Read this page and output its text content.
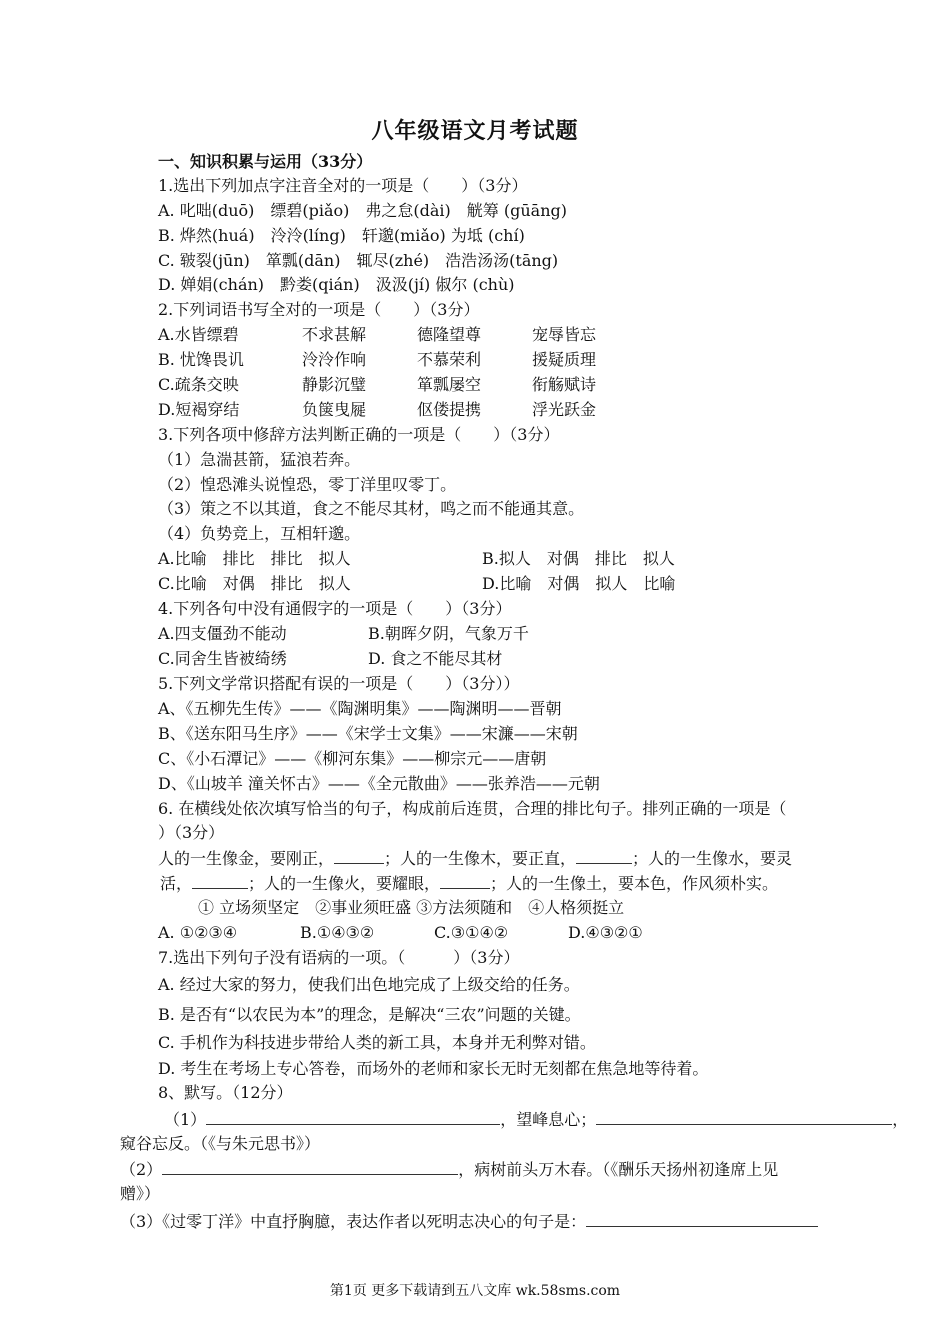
八年级语文月考试题
一、知识积累与运用（33分）
1.选出下列加点字注音全对的一项是（　　）（3分）
A. 叱咄(duō)　缥碧(piǎo)　弗之怠(dài)　觥筹 (gūāng)
B. 烨然(huá)　泠泠(líng)　轩邈(miǎo) 为坻 (chí)
C. 皲裂(jūn)　箪瓢(dān)　辄尽(zhé)　浩浩汤汤(tāng)
D. 婵娟(chán)　黔娄(qián)　汲汲(jí) 俶尔 (chù)
2.下列词语书写全对的一项是（　　）（3分）
A.水皆缥碧	不求甚解	德隆望尊	宠辱皆忘
B. 忧馋畏讥	泠泠作响	不慕荣利	援疑质理
C.疏条交映	静影沉璧	箪瓢屡空	衔觞赋诗
D.短褐穿结	负箧曳屣	伛偻提携	浮光跃金
3.下列各项中修辞方法判断正确的一项是（　　）（3分）
（1）急湍甚箭，猛浪若奔。
（2）惶恐滩头说惶恐，零丁洋里叹零丁。
（3）策之不以其道，食之不能尽其材，鸣之而不能通其意。
（4）负势竞上，互相轩邈。
A.比喻　排比　排比　拟人	B.拟人　对偶　排比　拟人
C.比喻　对偶　排比　拟人	D.比喻　对偶　拟人　比喻
4.下列各句中没有通假字的一项是（　　）（3分）
A.四支僵劲不能动	B.朝晖夕阴，气象万千
C.同舍生皆被绮绣	D. 食之不能尽其材
5.下列文学常识搭配有误的一项是（　　）（3分））
A、《五柳先生传》——《陶渊明集》——陶渊明——晋朝
B、《送东阳马生序》——《宋学士文集》——宋濂——宋朝
C、《小石潭记》——《柳河东集》——柳宗元——唐朝
D、《山坡羊 潼关怀古》——《全元散曲》——张养浩——元朝
6. 在横线处依次填写恰当的句子，构成前后连贯，合理的排比句子。排列正确的一项是（
）（3分）
人的一生像金，要刚正，	；人的一生像木，要正直，	；人的一生像水，要灵
活，	；人的一生像火，要耀眼，	；人的一生像土，要本色，作风须朴实。
① 立场须坚定　②事业须旺盛 ③方法须随和　④人格须挺立
A. ①②③④	B.①④③②	C.③①④②	D.④③②①
7.选出下列句子没有语病的一项。（　　　）（3分）
A. 经过大家的努力，使我们出色地完成了上级交给的任务。
B. 是否有“以农民为本”的理念，是解决“三农”问题的关键。
C. 手机作为科技进步带给人类的新工具，本身并无利弊对错。
D. 考生在考场上专心答卷，而场外的老师和家长无时无刻都在焦急地等待着。
8、默写。（12分）
（1）	，望峰息心；	，
窥谷忘反。（《与朱元思书》）
（2）	，病树前头万木春。（《酬乐天扬州初逢席上见
赠》）
（3）《过零丁洋》中直抒胸臆，表达作者以死明志决心的句子是：
第1页 更多下载请到五八文库 wk.58sms.com
